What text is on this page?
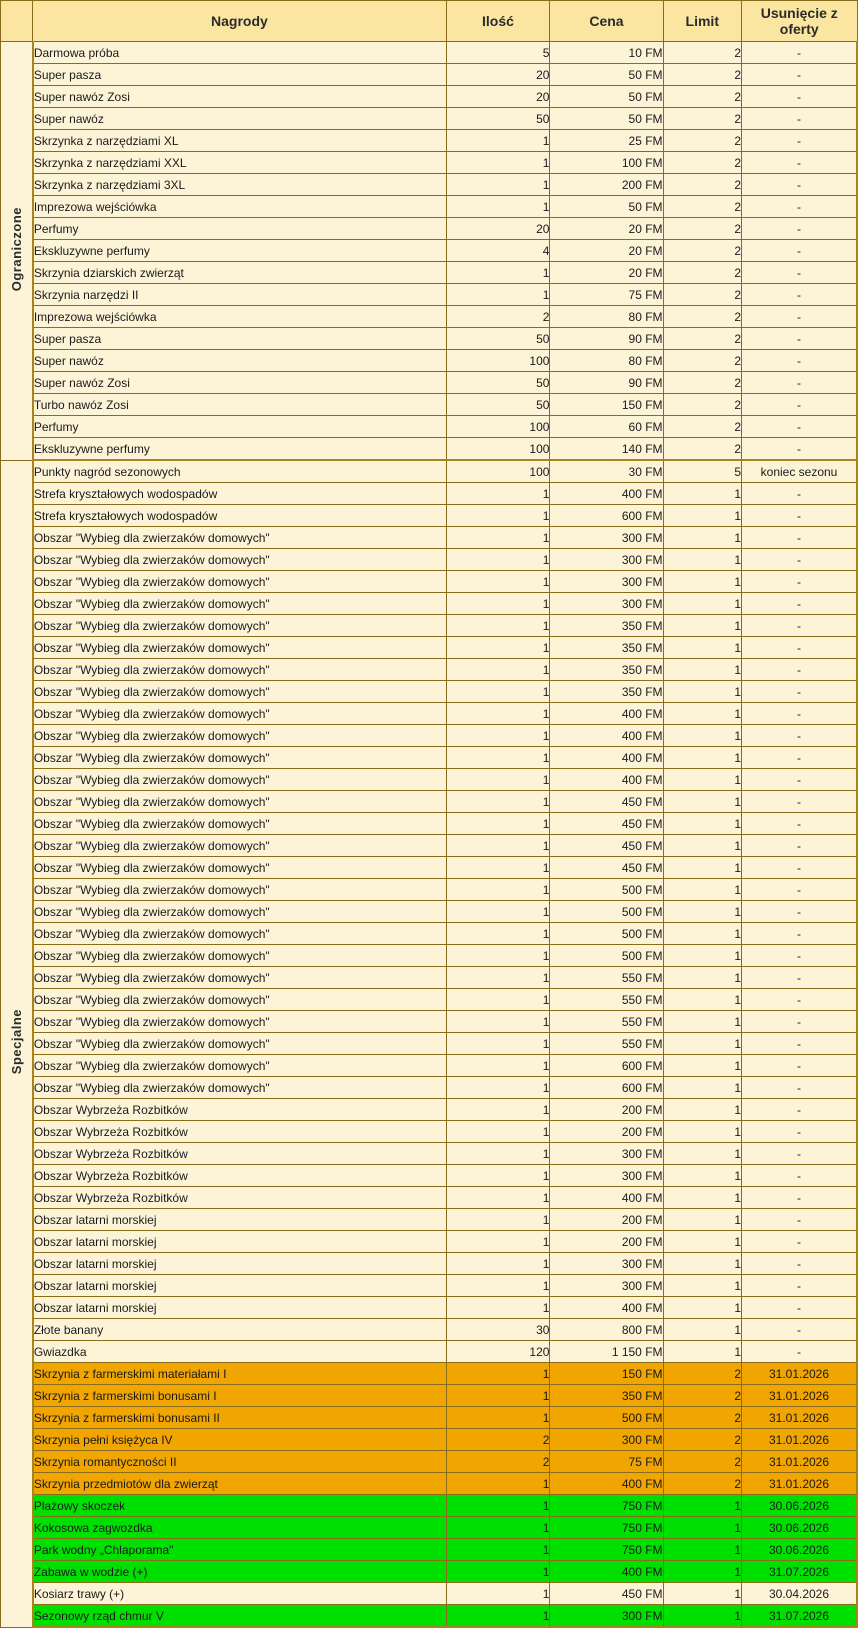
	Nagrody	Ilość	Cena	Limit	Usunięcie z oferty
Ograniczone	Darmowa próba	5	10 FM	2	-
	Super pasza	20	50 FM	2	-
	Super nawóz Zosi	20	50 FM	2	-
	Super nawóz	50	50 FM	2	-
	Skrzynka z narzędziami XL	1	25 FM	2	-
	Skrzynka z narzędziami XXL	1	100 FM	2	-
	Skrzynka z narzędziami 3XL	1	200 FM	2	-
	Imprezowa wejściówka	1	50 FM	2	-
	Perfumy	20	20 FM	2	-
	Ekskluzywne perfumy	4	20 FM	2	-
	Skrzynia dziarskich zwierząt	1	20 FM	2	-
	Skrzynia narzędzi II	1	75 FM	2	-
	Imprezowa wejściówka	2	80 FM	2	-
	Super pasza	50	90 FM	2	-
	Super nawóz	100	80 FM	2	-
	Super nawóz Zosi	50	90 FM	2	-
	Turbo nawóz Zosi	50	150 FM	2	-
	Perfumy	100	60 FM	2	-
	Ekskluzywne perfumy	100	140 FM	2	-
Specjalne	Punkty nagród sezonowych	100	30 FM	5	koniec sezonu
	Strefa kryształowych wodospadów	1	400 FM	1	-
	Strefa kryształowych wodospadów	1	600 FM	1	-
	Obszar "Wybieg dla zwierzaków domowych"	1	300 FM	1	-
	Obszar "Wybieg dla zwierzaków domowych"	1	300 FM	1	-
	Obszar "Wybieg dla zwierzaków domowych"	1	300 FM	1	-
	Obszar "Wybieg dla zwierzaków domowych"	1	300 FM	1	-
	Obszar "Wybieg dla zwierzaków domowych"	1	350 FM	1	-
	Obszar "Wybieg dla zwierzaków domowych"	1	350 FM	1	-
	Obszar "Wybieg dla zwierzaków domowych"	1	350 FM	1	-
	Obszar "Wybieg dla zwierzaków domowych"	1	350 FM	1	-
	Obszar "Wybieg dla zwierzaków domowych"	1	400 FM	1	-
	Obszar "Wybieg dla zwierzaków domowych"	1	400 FM	1	-
	Obszar "Wybieg dla zwierzaków domowych"	1	400 FM	1	-
	Obszar "Wybieg dla zwierzaków domowych"	1	400 FM	1	-
	Obszar "Wybieg dla zwierzaków domowych"	1	450 FM	1	-
	Obszar "Wybieg dla zwierzaków domowych"	1	450 FM	1	-
	Obszar "Wybieg dla zwierzaków domowych"	1	450 FM	1	-
	Obszar "Wybieg dla zwierzaków domowych"	1	450 FM	1	-
	Obszar "Wybieg dla zwierzaków domowych"	1	500 FM	1	-
	Obszar "Wybieg dla zwierzaków domowych"	1	500 FM	1	-
	Obszar "Wybieg dla zwierzaków domowych"	1	500 FM	1	-
	Obszar "Wybieg dla zwierzaków domowych"	1	500 FM	1	-
	Obszar "Wybieg dla zwierzaków domowych"	1	550 FM	1	-
	Obszar "Wybieg dla zwierzaków domowych"	1	550 FM	1	-
	Obszar "Wybieg dla zwierzaków domowych"	1	550 FM	1	-
	Obszar "Wybieg dla zwierzaków domowych"	1	550 FM	1	-
	Obszar "Wybieg dla zwierzaków domowych"	1	600 FM	1	-
	Obszar "Wybieg dla zwierzaków domowych"	1	600 FM	1	-
	Obszar Wybrzeża Rozbitków	1	200 FM	1	-
	Obszar Wybrzeża Rozbitków	1	200 FM	1	-
	Obszar Wybrzeża Rozbitków	1	300 FM	1	-
	Obszar Wybrzeża Rozbitków	1	300 FM	1	-
	Obszar Wybrzeża Rozbitków	1	400 FM	1	-
	Obszar latarni morskiej	1	200 FM	1	-
	Obszar latarni morskiej	1	200 FM	1	-
	Obszar latarni morskiej	1	300 FM	1	-
	Obszar latarni morskiej	1	300 FM	1	-
	Obszar latarni morskiej	1	400 FM	1	-
	Złote banany	30	800 FM	1	-
	Gwiazdka	120	1 150 FM	1	-
	Skrzynia z farmerskimi materiałami I	1	150 FM	2	31.01.2026
	Skrzynia z farmerskimi bonusami I	1	350 FM	2	31.01.2026
	Skrzynia z farmerskimi bonusami II	1	500 FM	2	31.01.2026
	Skrzynia pełni księżyca IV	2	300 FM	2	31.01.2026
	Skrzynia romantyczności II	2	75 FM	2	31.01.2026
	Skrzynia przedmiotów dla zwierząt	1	400 FM	2	31.01.2026
	Plażowy skoczek	1	750 FM	1	30.06.2026
	Kokosowa zagwozdka	1	750 FM	1	30.06.2026
	Park wodny „Chlaporama"	1	750 FM	1	30.06.2026
	Zabawa w wodzie (+)	1	400 FM	1	31.07.2026
	Kosiarz trawy (+)	1	450 FM	1	30.04.2026
	Sezonowy rząd chmur V	1	300 FM	1	31.07.2026
